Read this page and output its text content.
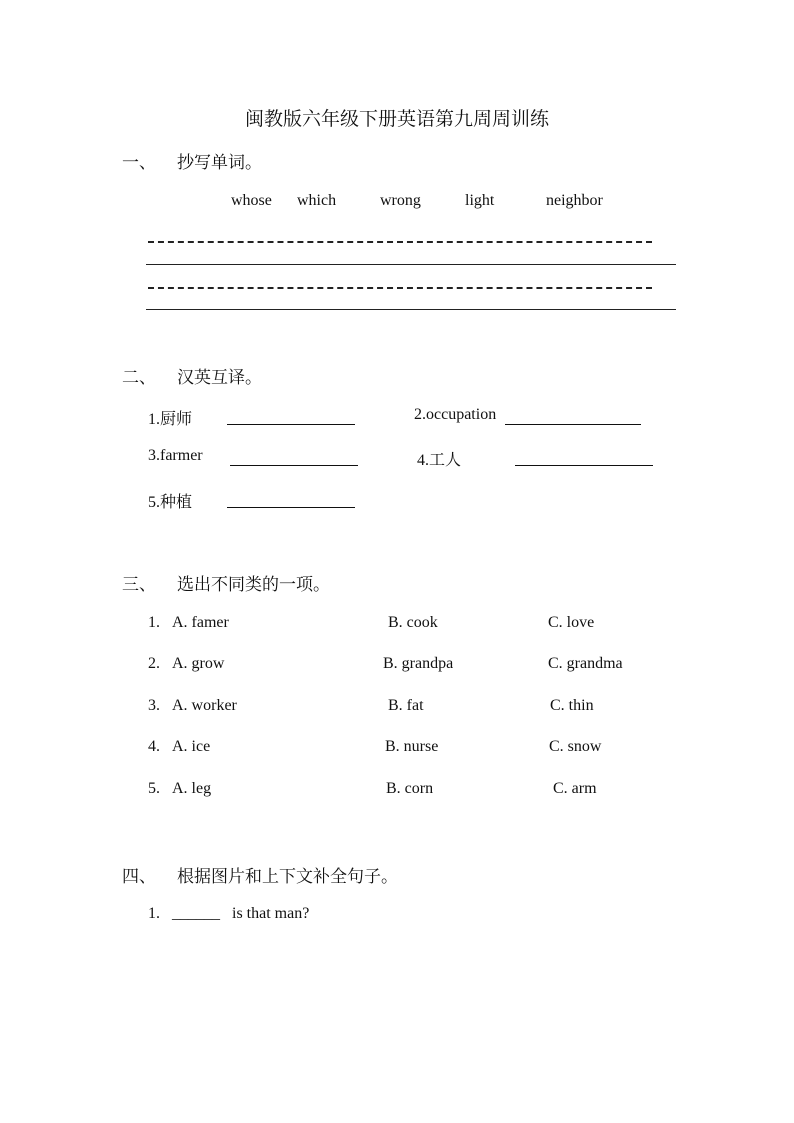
闽教版六年级下册英语第九周周训练
一、 抄写单词。
whose which	wrong	light	neighbor
二、 汉英互译。
1.厨师	2.occupation
3.farmer	4.工人
5.种植
三、 选出不同类的一项。
1. A. famer	B. cook	C. love
2. A. grow	B. grandpa	C. grandma
3. A. worker	B. fat	C. thin
4. A. ice	B. nurse	C. snow
5. A. leg	B. corn	C. arm
四、 根据图片和上下文补全句子。
1. ______ is that man?
